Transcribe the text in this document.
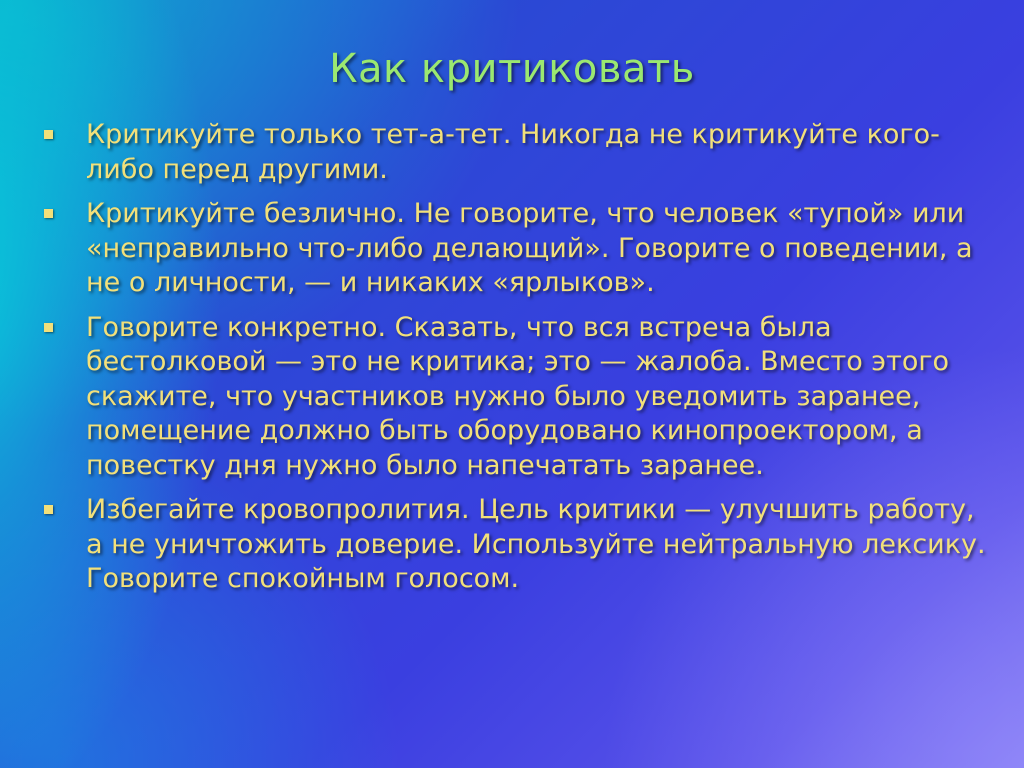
Как критиковать
Критикуйте только тет-а-тет. Никогда не критикуйте кого-либо перед другими.
Критикуйте безлично. Не говорите, что человек «тупой» или «неправильно что-либо делающий». Говорите о поведении, а не о личности, — и никаких «ярлыков».
Говорите конкретно. Сказать, что вся встреча была бестолковой — это не критика; это — жалоба. Вместо этого скажите, что участников нужно было уведомить заранее, помещение должно быть оборудовано кинопроектором, а повестку дня нужно было напечатать заранее.
Избегайте кровопролития. Цель критики — улучшить работу, а не уничтожить доверие. Используйте нейтральную лексику. Говорите спокойным голосом.
